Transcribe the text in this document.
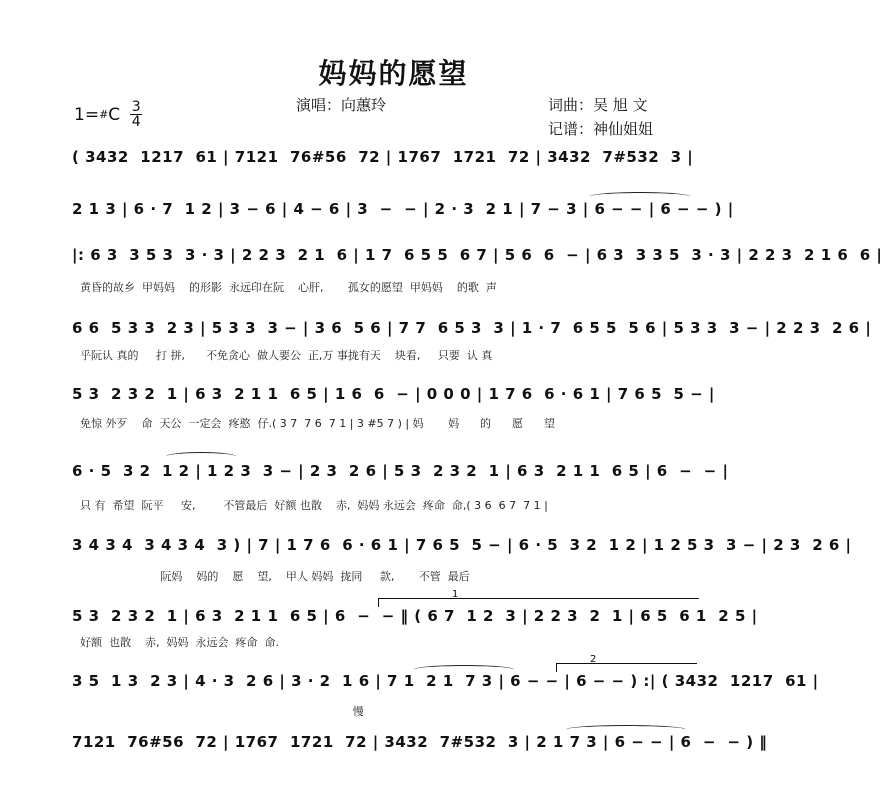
妈妈的愿望
1= # C 3
4
演唱：向蕙玲	词曲：吴 旭 文
记谱：神仙姐姐
( 3432  1217  61 | 7121  76#56  72 | 1767  1721  72 | 3432  7#532  3 |
2 1 3 | 6 · 7  1 2 | 3 − 6 | 4 − 6 | 3  −  − | 2 · 3  2 1 | 7 − 3 | 6 − − | 6 − − ) |
|: 6 3  3 5 3  3 · 3 | 2 2 3  2 1  6 | 1 7  6 5 5  6 7 | 5 6  6  − | 6 3  3 3 5  3 · 3 | 2 2 3  2 1 6  6 |
黄昏的故乡  甲妈妈    的形影  永远印在阮    心肝,       孤女的愿望  甲妈妈    的歌  声
6 6  5 3 3  2 3 | 5 3 3  3 − | 3 6  5 6 | 7 7  6 5 3  3 | 1 · 7  6 5 5  5 6 | 5 3 3  3 − | 2 2 3  2 6 |
乎阮认 真的     打 拼,      不免贪心  做人要公  正,万 事拢有天    块看,     只要  认 真
5 3  2 3 2  1 | 6 3  2 1 1  6 5 | 1 6  6  − | 0 0 0 | 1 7 6  6 · 6 1 | 7 6 5  5 − |
免惊 外歹    命  天公  一定会  疼憨  仔.( 3 7  7 6  7 1 | 3 #5 7 ) | 妈       妈      的      愿      望
6 · 5  3 2  1 2 | 1 2 3  3 − | 2 3  2 6 | 5 3  2 3 2  1 | 6 3  2 1 1  6 5 | 6  −  − |
只 有  希望  阮平     安,        不管最后  好额 也散    赤,  妈妈 永远会  疼命  命,( 3 6  6 7  7 1 |
3 4 3 4  3 4 3 4  3 ) | 7 | 1 7 6  6 · 6 1 | 7 6 5  5 − | 6 · 5  3 2  1 2 | 1 2 5 3  3 − | 2 3  2 6 |
阮妈    妈的    愿    望,    甲人 妈妈  拢同     款,       不管  最后
1
5 3  2 3 2  1 | 6 3  2 1 1  6 5 | 6  −  − ‖ ( 6 7  1 2  3 | 2 2 3  2  1 | 6 5  6 1  2 5 |
好额  也散    赤,  妈妈  永远会  疼命  命.
2
3 5  1 3  2 3 | 4 · 3  2 6 | 3 · 2  1 6 | 7 1  2 1  7 3 | 6 − − | 6 − − ) :| ( 3432  1217  61 |
慢
7121  76#56  72 | 1767  1721  72 | 3432  7#532  3 | 2 1 7 3 | 6 − − | 6  −  − ) ‖
